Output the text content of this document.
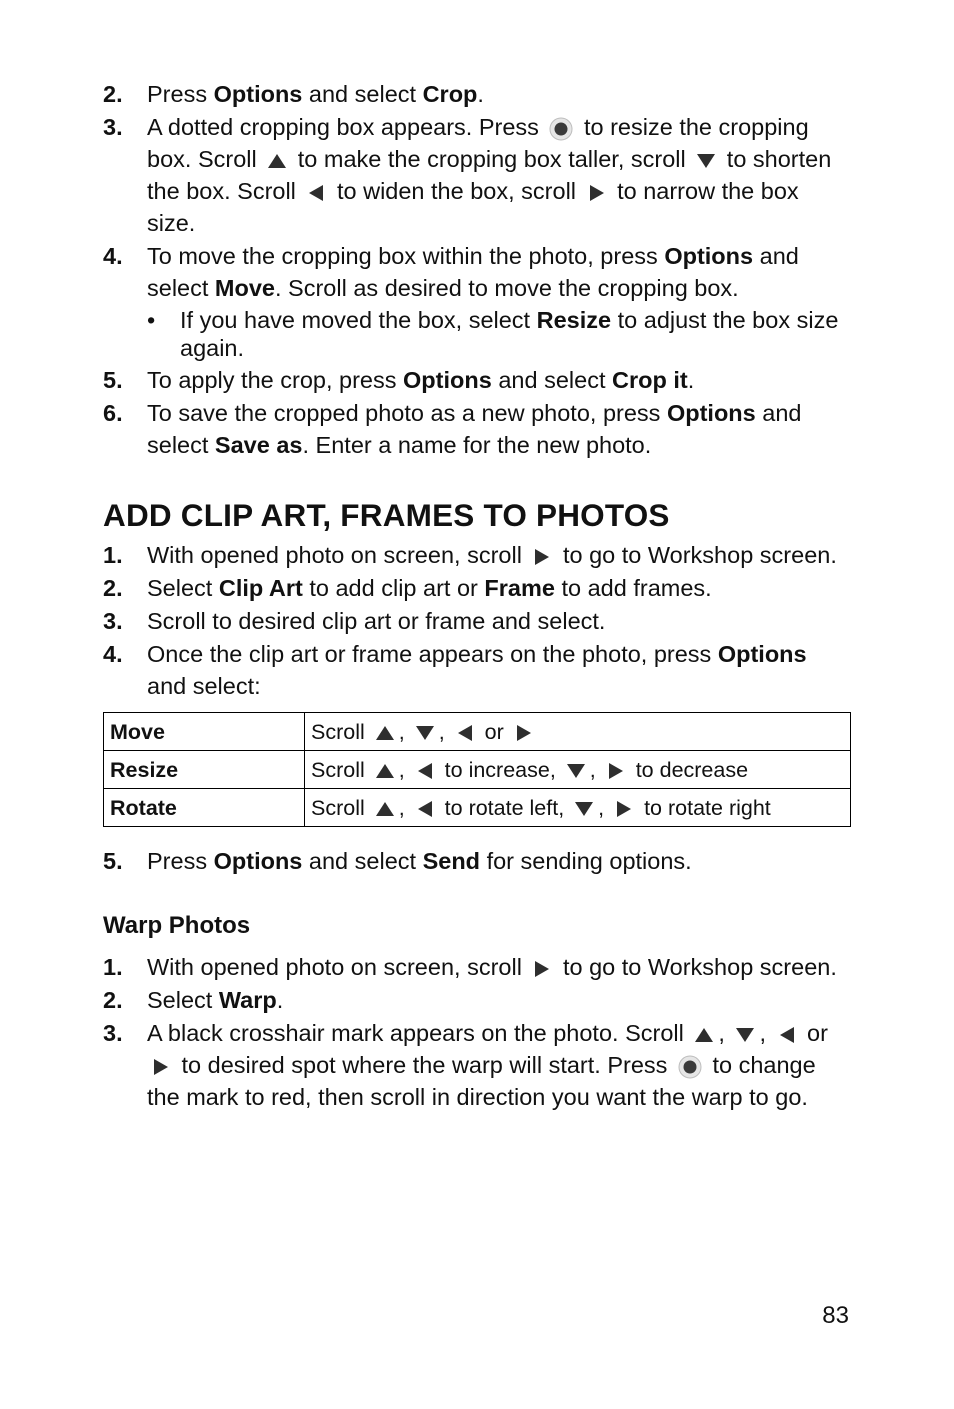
2. Press Options and select Crop.
3. A dotted cropping box appears. Press  to resize the cropping box. Scroll  to make the cropping box taller, scroll  to shorten the box. Scroll  to widen the box, scroll  to narrow the box size.
4. To move the cropping box within the photo, press Options and select Move. Scroll as desired to move the cropping box.
• If you have moved the box, select Resize to adjust the box size again.
5. To apply the crop, press Options and select Crop it.
6. To save the cropped photo as a new photo, press Options and select Save as. Enter a name for the new photo.
ADD CLIP ART, FRAMES TO PHOTOS
1. With opened photo on screen, scroll  to go to Workshop screen.
2. Select Clip Art to add clip art or Frame to add frames.
3. Scroll to desired clip art or frame and select.
4. Once the clip art or frame appears on the photo, press Options and select:
Move	Scroll , ,  or
Resize	Scroll ,  to increase, ,  to decrease
Rotate	Scroll ,  to rotate left, ,  to rotate right
5. Press Options and select Send for sending options.
Warp Photos
1. With opened photo on screen, scroll  to go to Workshop screen.
2. Select Warp.
3. A black crosshair mark appears on the photo. Scroll , ,  or  to desired spot where the warp will start. Press  to change the mark to red, then scroll in direction you want the warp to go.
83
